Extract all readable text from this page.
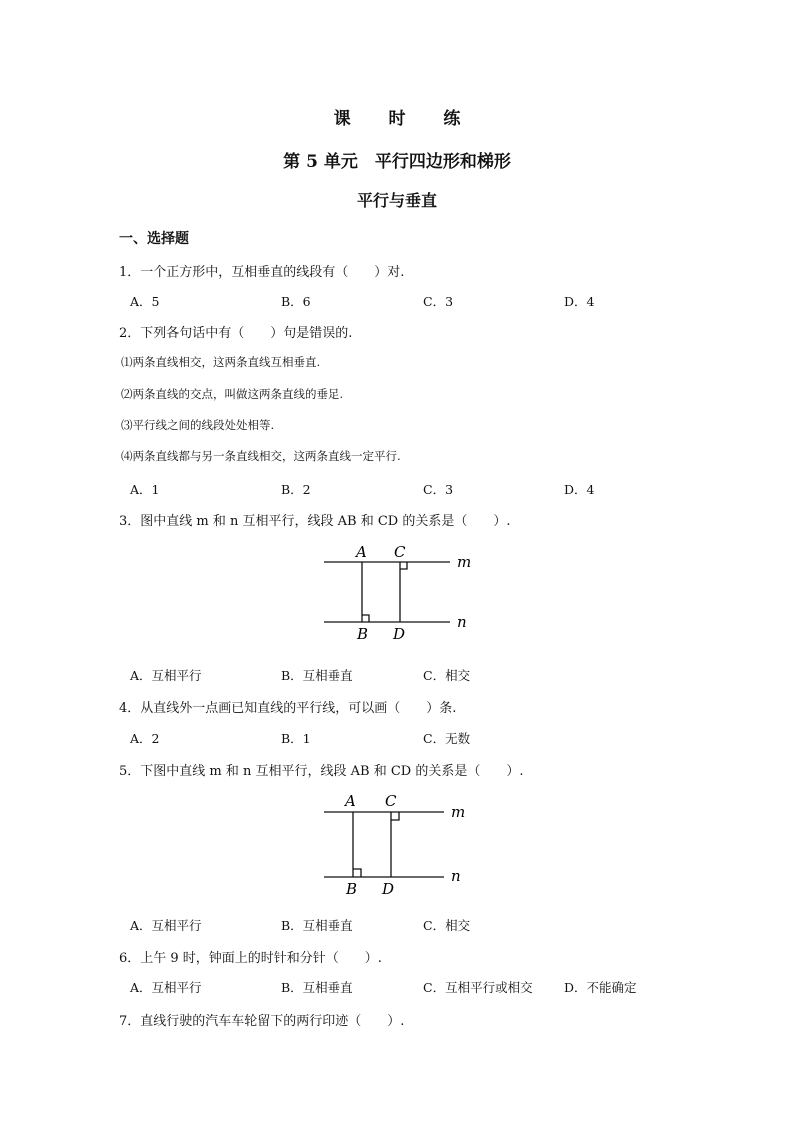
课 时 练
第 5 单元　平行四边形和梯形
平行与垂直
一、选择题
1．一个正方形中，互相垂直的线段有（　　）对.
A．5	B．6	C．3	D．4
2．下列各句话中有（　　）句是错误的.
⑴两条直线相交，这两条直线互相垂直.
⑵两条直线的交点，叫做这两条直线的垂足.
⑶平行线之间的线段处处相等.
⑷两条直线都与另一条直线相交，这两条直线一定平行.
A．1	B．2	C．3	D．4
3．图中直线 m 和 n 互相平行，线段 AB 和 CD 的关系是（　　）.
A C
m
B D
n
A．互相平行	B．互相垂直	C．相交
4．从直线外一点画已知直线的平行线，可以画（　　）条.
A．2	B．1	C．无数
5．下图中直线 m 和 n 互相平行，线段 AB 和 CD 的关系是（　　）.
A C
m
B D
n
A．互相平行	B．互相垂直	C．相交
6．上午 9 时，钟面上的时针和分针（　　）.
A．互相平行	B．互相垂直	C．互相平行或相交	D．不能确定
7．直线行驶的汽车车轮留下的两行印迹（　　）.
